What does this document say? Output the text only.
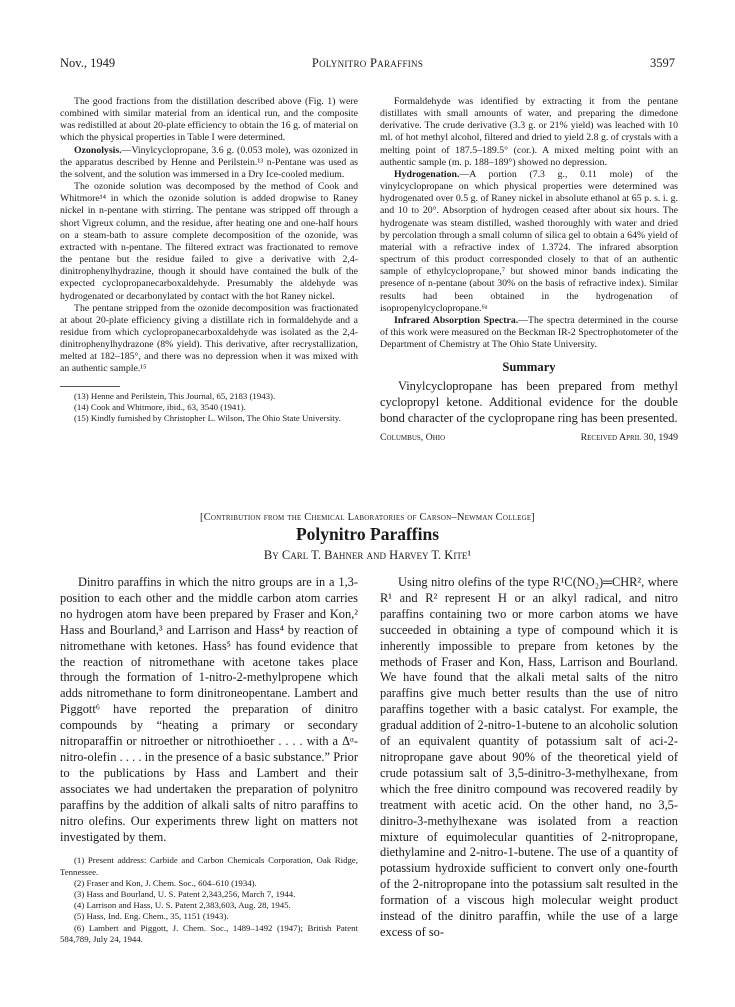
Nov., 1949	Polynitro Paraffins	3597

The good fractions from the distillation described above (Fig. 1) were combined with similar material from an identical run, and the composite was redistilled at about 20-plate efficiency to obtain the 16 g. of material on which the physical properties in Table I were determined.

Ozonolysis.—Vinylcyclopropane, 3.6 g. (0.053 mole), was ozonized in the apparatus described by Henne and Perilstein.¹³ n-Pentane was used as the solvent, and the solution was immersed in a Dry Ice-cooled medium.

The ozonide solution was decomposed by the method of Cook and Whitmore¹⁴ in which the ozonide solution is added dropwise to Raney nickel in n-pentane with stirring. The pentane was stripped off through a short Vigreux column, and the residue, after heating one and one-half hours on a steam-bath to assure complete decomposition of the ozonide, was extracted with n-pentane. The filtered extract was fractionated to remove the pentane but the residue failed to give a derivative with 2,4-dinitrophenylhydrazine, though it should have contained the bulk of the expected cyclopropanecarboxaldehyde. Presumably the aldehyde was hydrogenated or decarbonylated by contact with the hot Raney nickel.

The pentane stripped from the ozonide decomposition was fractionated at about 20-plate efficiency giving a distillate rich in formaldehyde and a residue from which cyclopropanecarboxaldehyde was isolated as the 2,4-dinitrophenylhydrazone (8% yield). This derivative, after recrystallization, melted at 182–185°, and there was no depression when it was mixed with an authentic sample.¹⁵

(13) Henne and Perilstein, This Journal, 65, 2183 (1943).
(14) Cook and Whitmore, ibid., 63, 3540 (1941).
(15) Kindly furnished by Christopher L. Wilson, The Ohio State University.

Formaldehyde was identified by extracting it from the pentane distillates with small amounts of water, and preparing the dimedone derivative. The crude derivative (3.3 g. or 21% yield) was leached with 10 ml. of hot methyl alcohol, filtered and dried to yield 2.8 g. of crystals with a melting point of 187.5–189.5° (cor.). A mixed melting point with an authentic sample (m. p. 188–189°) showed no depression.

Hydrogenation.—A portion (7.3 g., 0.11 mole) of the vinylcyclopropane on which physical properties were determined was hydrogenated over 0.5 g. of Raney nickel in absolute ethanol at 65 p. s. i. g. and 10 to 20°. Absorption of hydrogen ceased after about six hours. The hydrogenate was steam distilled, washed thoroughly with water and dried by percolation through a small column of silica gel to obtain a 64% yield of material with a refractive index of 1.3724. The infrared absorption spectrum of this product corresponded closely to that of an authentic sample of ethylcyclopropane,⁷ but showed minor bands indicating the presence of n-pentane (about 30% on the basis of refractive index). Similar results had been obtained in the hydrogenation of isopropenylcyclopropane.⁶ᵃ

Infrared Absorption Spectra.—The spectra determined in the course of this work were measured on the Beckman IR-2 Spectrophotometer of the Department of Chemistry at The Ohio State University.

Summary
Vinylcyclopropane has been prepared from methyl cyclopropyl ketone. Additional evidence for the double bond character of the cyclopropane ring has been presented.
Columbus, Ohio	Received April 30, 1949
[Contribution from the Chemical Laboratories of Carson–Newman College]
Polynitro Paraffins
By Carl T. Bahner and Harvey T. Kite¹

Dinitro paraffins in which the nitro groups are in a 1,3-position to each other and the middle carbon atom carries no hydrogen atom have been prepared by Fraser and Kon,² Hass and Bourland,³ and Larrison and Hass⁴ by reaction of nitromethane with ketones. Hass⁵ has found evidence that the reaction of nitromethane with acetone takes place through the formation of 1-nitro-2-methylpropene which adds nitromethane to form dinitroneopentane. Lambert and Piggott⁶ have reported the preparation of dinitro compounds by “heating a primary or secondary nitroparaffin or nitroether or nitrothioether . . . . with a Δᵅ-nitro-olefin . . . . in the presence of a basic substance.” Prior to the publications by Hass and Lambert and their associates we had undertaken the preparation of polynitro paraffins by the addition of alkali salts of nitro paraffins to nitro olefins. Our experiments threw light on matters not investigated by them.

(1) Present address: Carbide and Carbon Chemicals Corporation, Oak Ridge, Tennessee.
(2) Fraser and Kon, J. Chem. Soc., 604–610 (1934).
(3) Hass and Bourland, U. S. Patent 2,343,256, March 7, 1944.
(4) Larrison and Hass, U. S. Patent 2,383,603, Aug. 28, 1945.
(5) Hass, Ind. Eng. Chem., 35, 1151 (1943).
(6) Lambert and Piggott, J. Chem. Soc., 1489–1492 (1947); British Patent 584,789, July 24, 1944.

Using nitro olefins of the type R¹C(NO₂)═CHR², where R¹ and R² represent H or an alkyl radical, and nitro paraffins containing two or more carbon atoms we have succeeded in obtaining a type of compound which it is inherently impossible to prepare from ketones by the methods of Fraser and Kon, Hass, Larrison and Bourland. We have found that the alkali metal salts of the nitro paraffins give much better results than the use of nitro paraffins together with a basic catalyst. For example, the gradual addition of 2-nitro-1-butene to an alcoholic solution of an equivalent quantity of potassium salt of aci-2-nitropropane gave about 90% of the theoretical yield of crude potassium salt of 3,5-dinitro-3-methylhexane, from which the free dinitro compound was recovered readily by treatment with acetic acid. On the other hand, no 3,5-dinitro-3-methylhexane was isolated from a reaction mixture of equimolecular quantities of 2-nitropropane, diethylamine and 2-nitro-1-butene. The use of a quantity of potassium hydroxide sufficient to convert only one-fourth of the 2-nitropropane into the potassium salt resulted in the formation of a viscous high molecular weight product instead of the dinitro paraffin, while the use of a large excess of so-
